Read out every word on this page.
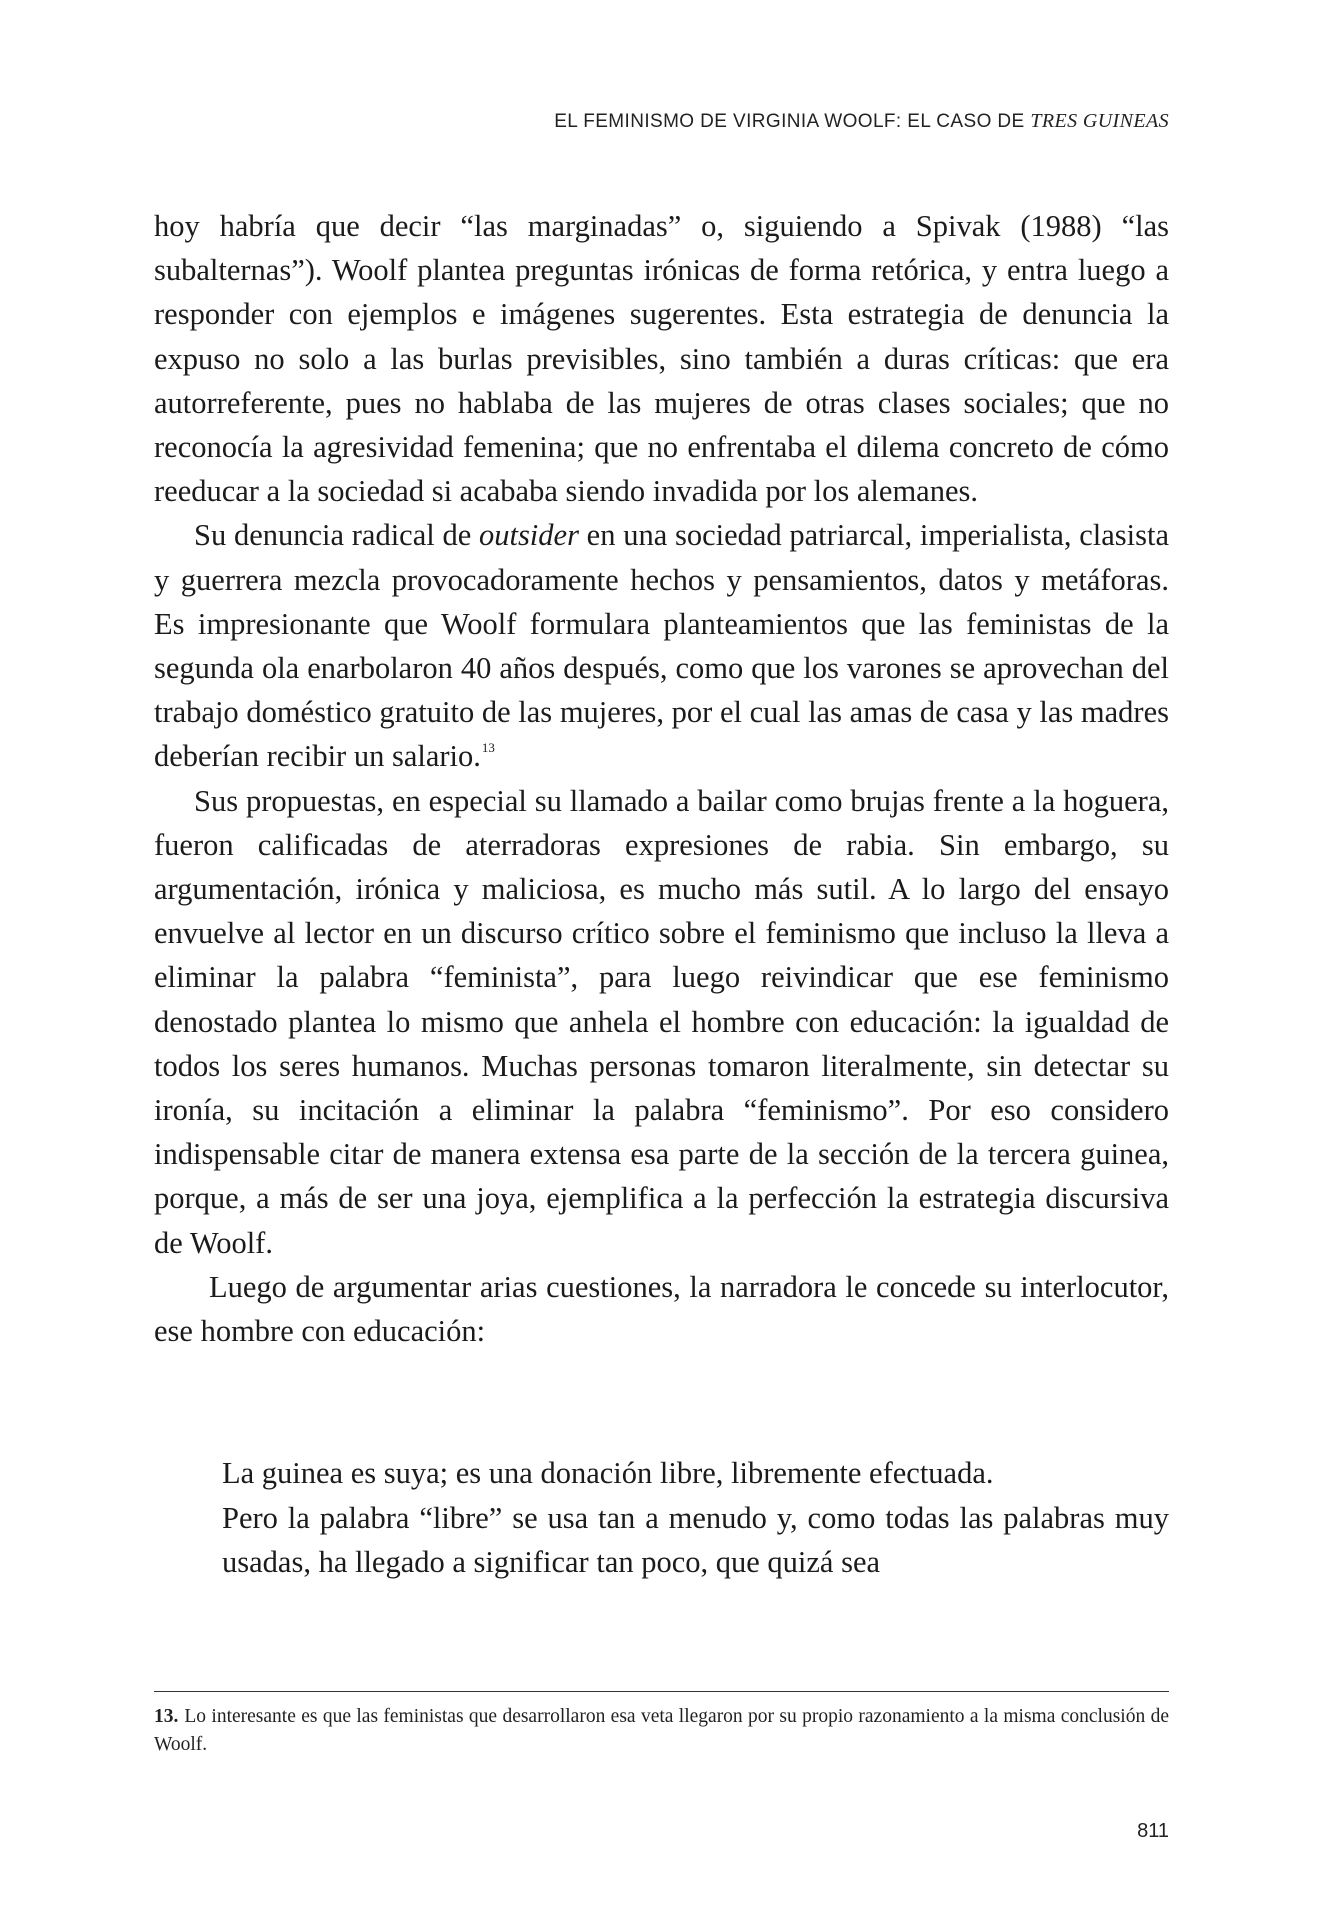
EL FEMINISMO DE VIRGINIA WOOLF: EL CASO DE TRES GUINEAS

hoy habría que decir “las marginadas” o, siguiendo a Spivak (1988) “las subalternas”). Woolf plantea preguntas irónicas de forma retórica, y entra luego a responder con ejemplos e imágenes sugerentes. Esta estrategia de denuncia la expuso no solo a las burlas previsibles, sino también a duras críticas: que era autorreferente, pues no hablaba de las mujeres de otras clases sociales; que no reconocía la agresividad femenina; que no enfrentaba el dilema concreto de cómo reeducar a la sociedad si acababa siendo invadida por los alemanes.

Su denuncia radical de outsider en una sociedad patriarcal, imperialista, clasista y guerrera mezcla provocadoramente hechos y pensamientos, datos y metáforas. Es impresionante que Woolf formulara planteamientos que las feministas de la segunda ola enarbolaron 40 años después, como que los varones se aprovechan del trabajo doméstico gratuito de las mujeres, por el cual las amas de casa y las madres deberían recibir un salario.$^{13}$

Sus propuestas, en especial su llamado a bailar como brujas frente a la hoguera, fueron calificadas de aterradoras expresiones de rabia. Sin embargo, su argumentación, irónica y maliciosa, es mucho más sutil. A lo largo del ensayo envuelve al lector en un discurso crítico sobre el feminismo que incluso la lleva a eliminar la palabra “feminista”, para luego reivindicar que ese feminismo denostado plantea lo mismo que anhela el hombre con educación: la igualdad de todos los seres humanos. Muchas personas tomaron literalmente, sin detectar su ironía, su incitación a eliminar la palabra “feminismo”. Por eso considero indispensable citar de manera extensa esa parte de la sección de la tercera guinea, porque, a más de ser una joya, ejemplifica a la perfección la estrategia discursiva de Woolf.

Luego de argumentar arias cuestiones, la narradora le concede su interlocutor, ese hombre con educación:

La guinea es suya; es una donación libre, libremente efectuada.

Pero la palabra “libre” se usa tan a menudo y, como todas las palabras muy usadas, ha llegado a significar tan poco, que quizá sea

13. Lo interesante es que las feministas que desarrollaron esa veta llegaron por su propio razonamiento a la misma conclusión de Woolf.
811
